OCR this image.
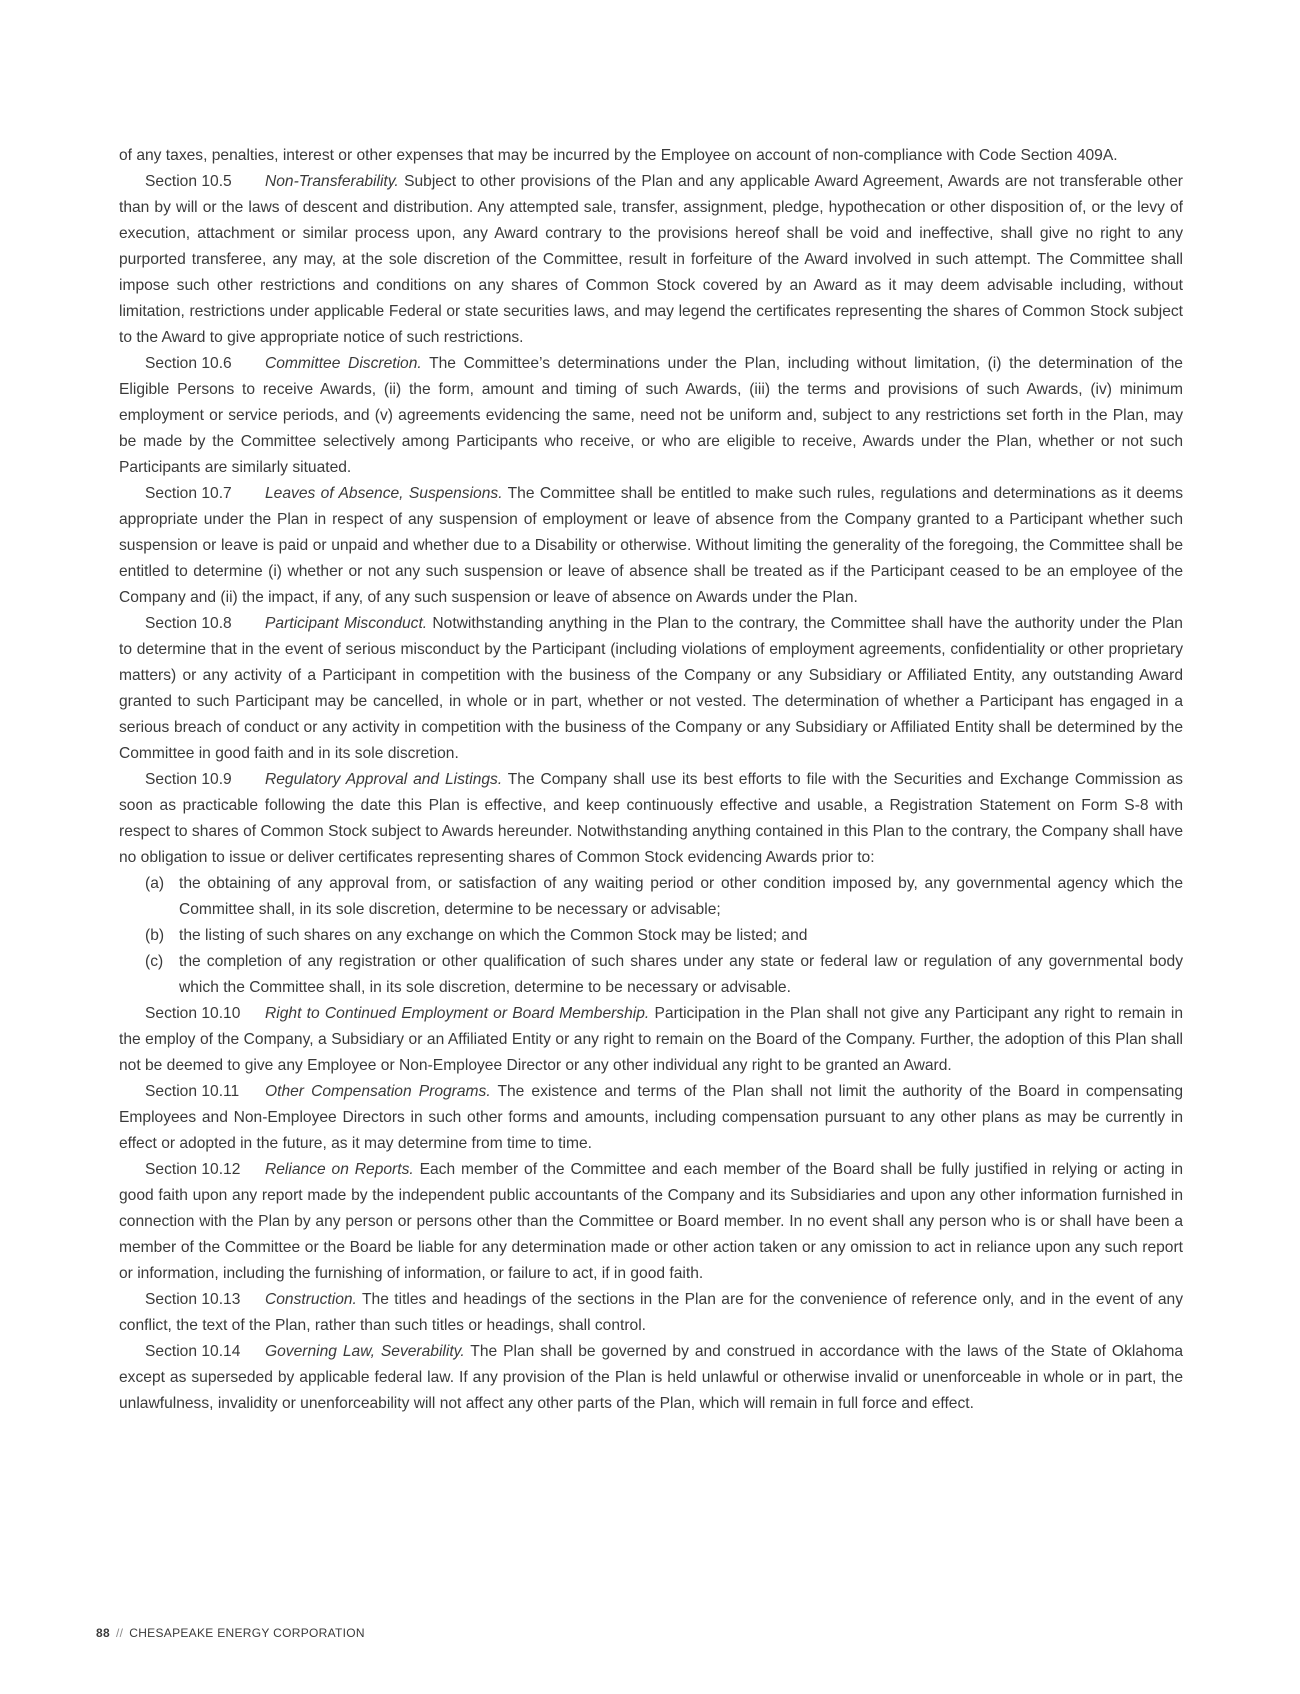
of any taxes, penalties, interest or other expenses that may be incurred by the Employee on account of non-compliance with Code Section 409A.

Section 10.5 Non-Transferability. Subject to other provisions of the Plan and any applicable Award Agreement, Awards are not transferable other than by will or the laws of descent and distribution. Any attempted sale, transfer, assignment, pledge, hypothecation or other disposition of, or the levy of execution, attachment or similar process upon, any Award contrary to the provisions hereof shall be void and ineffective, shall give no right to any purported transferee, any may, at the sole discretion of the Committee, result in forfeiture of the Award involved in such attempt. The Committee shall impose such other restrictions and conditions on any shares of Common Stock covered by an Award as it may deem advisable including, without limitation, restrictions under applicable Federal or state securities laws, and may legend the certificates representing the shares of Common Stock subject to the Award to give appropriate notice of such restrictions.

Section 10.6 Committee Discretion. The Committee’s determinations under the Plan, including without limitation, (i) the determination of the Eligible Persons to receive Awards, (ii) the form, amount and timing of such Awards, (iii) the terms and provisions of such Awards, (iv) minimum employment or service periods, and (v) agreements evidencing the same, need not be uniform and, subject to any restrictions set forth in the Plan, may be made by the Committee selectively among Participants who receive, or who are eligible to receive, Awards under the Plan, whether or not such Participants are similarly situated.

Section 10.7 Leaves of Absence, Suspensions. The Committee shall be entitled to make such rules, regulations and determinations as it deems appropriate under the Plan in respect of any suspension of employment or leave of absence from the Company granted to a Participant whether such suspension or leave is paid or unpaid and whether due to a Disability or otherwise. Without limiting the generality of the foregoing, the Committee shall be entitled to determine (i) whether or not any such suspension or leave of absence shall be treated as if the Participant ceased to be an employee of the Company and (ii) the impact, if any, of any such suspension or leave of absence on Awards under the Plan.

Section 10.8 Participant Misconduct. Notwithstanding anything in the Plan to the contrary, the Committee shall have the authority under the Plan to determine that in the event of serious misconduct by the Participant (including violations of employment agreements, confidentiality or other proprietary matters) or any activity of a Participant in competition with the business of the Company or any Subsidiary or Affiliated Entity, any outstanding Award granted to such Participant may be cancelled, in whole or in part, whether or not vested. The determination of whether a Participant has engaged in a serious breach of conduct or any activity in competition with the business of the Company or any Subsidiary or Affiliated Entity shall be determined by the Committee in good faith and in its sole discretion.

Section 10.9 Regulatory Approval and Listings. The Company shall use its best efforts to file with the Securities and Exchange Commission as soon as practicable following the date this Plan is effective, and keep continuously effective and usable, a Registration Statement on Form S-8 with respect to shares of Common Stock subject to Awards hereunder. Notwithstanding anything contained in this Plan to the contrary, the Company shall have no obligation to issue or deliver certificates representing shares of Common Stock evidencing Awards prior to:

(a) the obtaining of any approval from, or satisfaction of any waiting period or other condition imposed by, any governmental agency which the Committee shall, in its sole discretion, determine to be necessary or advisable;
(b) the listing of such shares on any exchange on which the Common Stock may be listed; and
(c) the completion of any registration or other qualification of such shares under any state or federal law or regulation of any governmental body which the Committee shall, in its sole discretion, determine to be necessary or advisable.

Section 10.10 Right to Continued Employment or Board Membership. Participation in the Plan shall not give any Participant any right to remain in the employ of the Company, a Subsidiary or an Affiliated Entity or any right to remain on the Board of the Company. Further, the adoption of this Plan shall not be deemed to give any Employee or Non-Employee Director or any other individual any right to be granted an Award.

Section 10.11 Other Compensation Programs. The existence and terms of the Plan shall not limit the authority of the Board in compensating Employees and Non-Employee Directors in such other forms and amounts, including compensation pursuant to any other plans as may be currently in effect or adopted in the future, as it may determine from time to time.

Section 10.12 Reliance on Reports. Each member of the Committee and each member of the Board shall be fully justified in relying or acting in good faith upon any report made by the independent public accountants of the Company and its Subsidiaries and upon any other information furnished in connection with the Plan by any person or persons other than the Committee or Board member. In no event shall any person who is or shall have been a member of the Committee or the Board be liable for any determination made or other action taken or any omission to act in reliance upon any such report or information, including the furnishing of information, or failure to act, if in good faith.

Section 10.13 Construction. The titles and headings of the sections in the Plan are for the convenience of reference only, and in the event of any conflict, the text of the Plan, rather than such titles or headings, shall control.

Section 10.14 Governing Law, Severability. The Plan shall be governed by and construed in accordance with the laws of the State of Oklahoma except as superseded by applicable federal law. If any provision of the Plan is held unlawful or otherwise invalid or unenforceable in whole or in part, the unlawfulness, invalidity or unenforceability will not affect any other parts of the Plan, which will remain in full force and effect.

88 // CHESAPEAKE ENERGY CORPORATION
